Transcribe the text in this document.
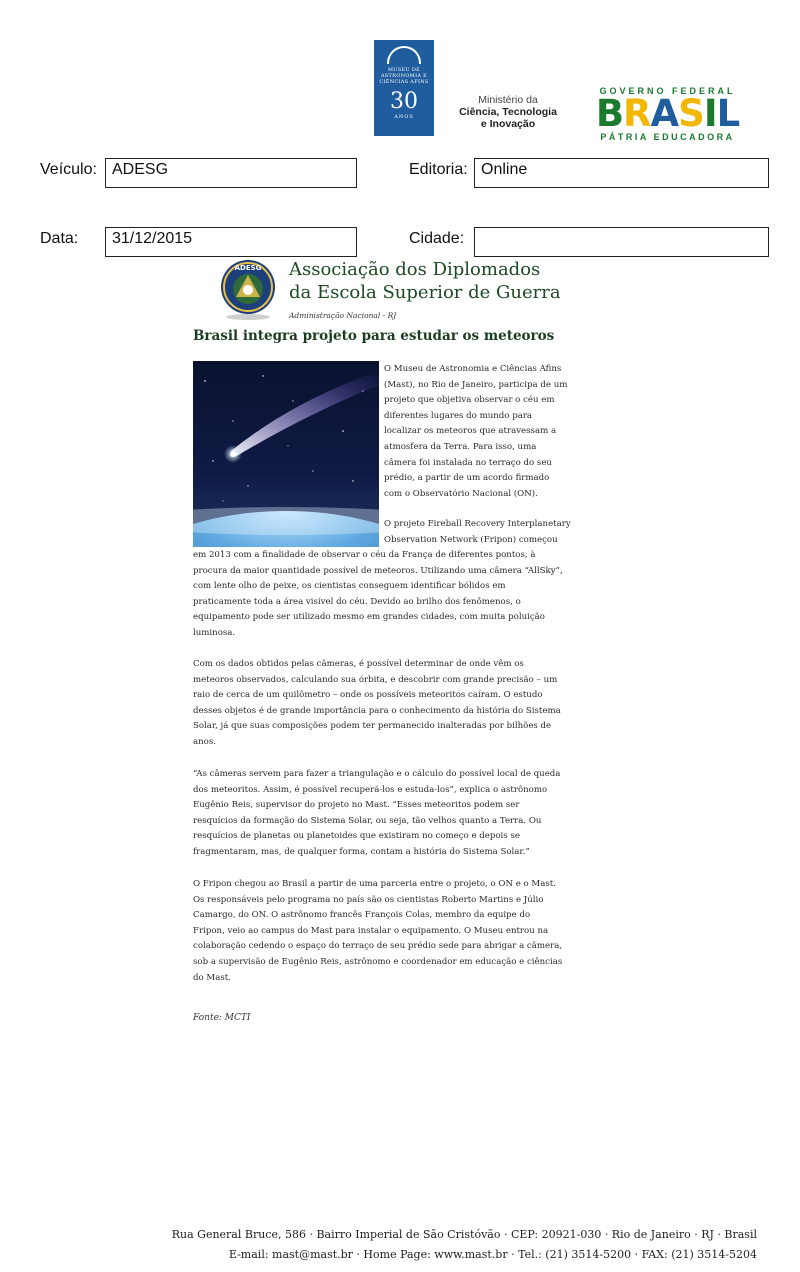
MUSEU DE ASTRONOMIA E CIÊNCIAS AFINS
30
ANOS
Ministério da
Ciência, Tecnologia
e Inovação
GOVERNO FEDERAL
BRASIL
PÁTRIA EDUCADORA
Veículo: ADESG	Editoria: Online
Data:	31/12/2015	Cidade:
ADESG Associação dos Diplomados
da Escola Superior de Guerra
Administração Nacional - RJ
Brasil integra projeto para estudar os meteoros

O Museu de Astronomia e Ciências Afins

(Mast), no Rio de Janeiro, participa de um

projeto que objetiva observar o céu em

diferentes lugares do mundo para

localizar os meteoros que atravessam a

atmosfera da Terra. Para isso, uma

câmera foi instalada no terraço do seu

prédio, a partir de um acordo firmado

com o Observatório Nacional (ON).

O projeto Fireball Recovery Interplanetary

Observation Network (Fripon) começou

em 2013 com a finalidade de observar o céu da França de diferentes pontos, à

procura da maior quantidade possível de meteoros. Utilizando uma câmera “AllSky”,

com lente olho de peixe, os cientistas conseguem identificar bólidos em

praticamente toda a área visível do céu. Devido ao brilho dos fenômenos, o

equipamento pode ser utilizado mesmo em grandes cidades, com muita poluição

luminosa.

Com os dados obtidos pelas câmeras, é possível determinar de onde vêm os

meteoros observados, calculando sua órbita, e descobrir com grande precisão – um

raio de cerca de um quilômetro – onde os possíveis meteoritos caíram. O estudo

desses objetos é de grande importância para o conhecimento da história do Sistema

Solar, já que suas composições podem ter permanecido inalteradas por bilhões de

anos.

“As câmeras servem para fazer a triangulação e o cálculo do possível local de queda

dos meteoritos. Assim, é possível recuperá-los e estuda-los”, explica o astrônomo

Eugênio Reis, supervisor do projeto no Mast. “Esses meteoritos podem ser

resquícios da formação do Sistema Solar, ou seja, tão velhos quanto a Terra. Ou

resquícios de planetas ou planetoides que existiram no começo e depois se

fragmentaram, mas, de qualquer forma, contam a história do Sistema Solar.”

O Fripon chegou ao Brasil a partir de uma parceria entre o projeto, o ON e o Mast.

Os responsáveis pelo programa no país são os cientistas Roberto Martins e Júlio

Camargo, do ON. O astrônomo francês François Colas, membro da equipe do

Fripon, veio ao campus do Mast para instalar o equipamento. O Museu entrou na

colaboração cedendo o espaço do terraço de seu prédio sede para abrigar a câmera,

sob a supervisão de Eugênio Reis, astrônomo e coordenador em educação e ciências

do Mast.

Fonte: MCTI
Rua General Bruce, 586 · Bairro Imperial de São Cristóvão · CEP: 20921-030 · Rio de Janeiro · RJ · Brasil
E-mail: mast@mast.br · Home Page: www.mast.br · Tel.: (21) 3514-5200 · FAX: (21) 3514-5204
